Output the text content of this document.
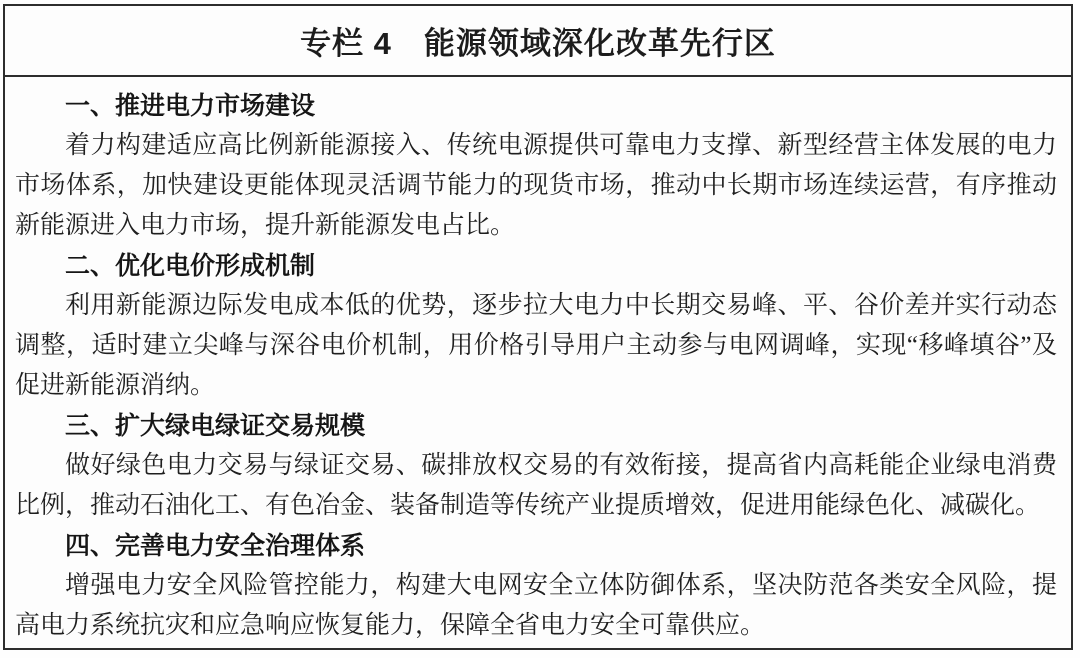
专栏 4　能源领域深化改革先行区
一、推进电力市场建设

着力构建适应高比例新能源接入、传统电源提供可靠电力支撑、新型经营主体发展的电力市场体系，加快建设更能体现灵活调节能力的现货市场，推动中长期市场连续运营，有序推动新能源进入电力市场，提升新能源发电占比。

二、优化电价形成机制

利用新能源边际发电成本低的优势，逐步拉大电力中长期交易峰、平、谷价差并实行动态调整，适时建立尖峰与深谷电价机制，用价格引导用户主动参与电网调峰，实现“移峰填谷”及促进新能源消纳。

三、扩大绿电绿证交易规模

做好绿色电力交易与绿证交易、碳排放权交易的有效衔接，提高省内高耗能企业绿电消费比例，推动石油化工、有色冶金、装备制造等传统产业提质增效，促进用能绿色化、减碳化。

四、完善电力安全治理体系

增强电力安全风险管控能力，构建大电网安全立体防御体系，坚决防范各类安全风险，提高电力系统抗灾和应急响应恢复能力，保障全省电力安全可靠供应。
